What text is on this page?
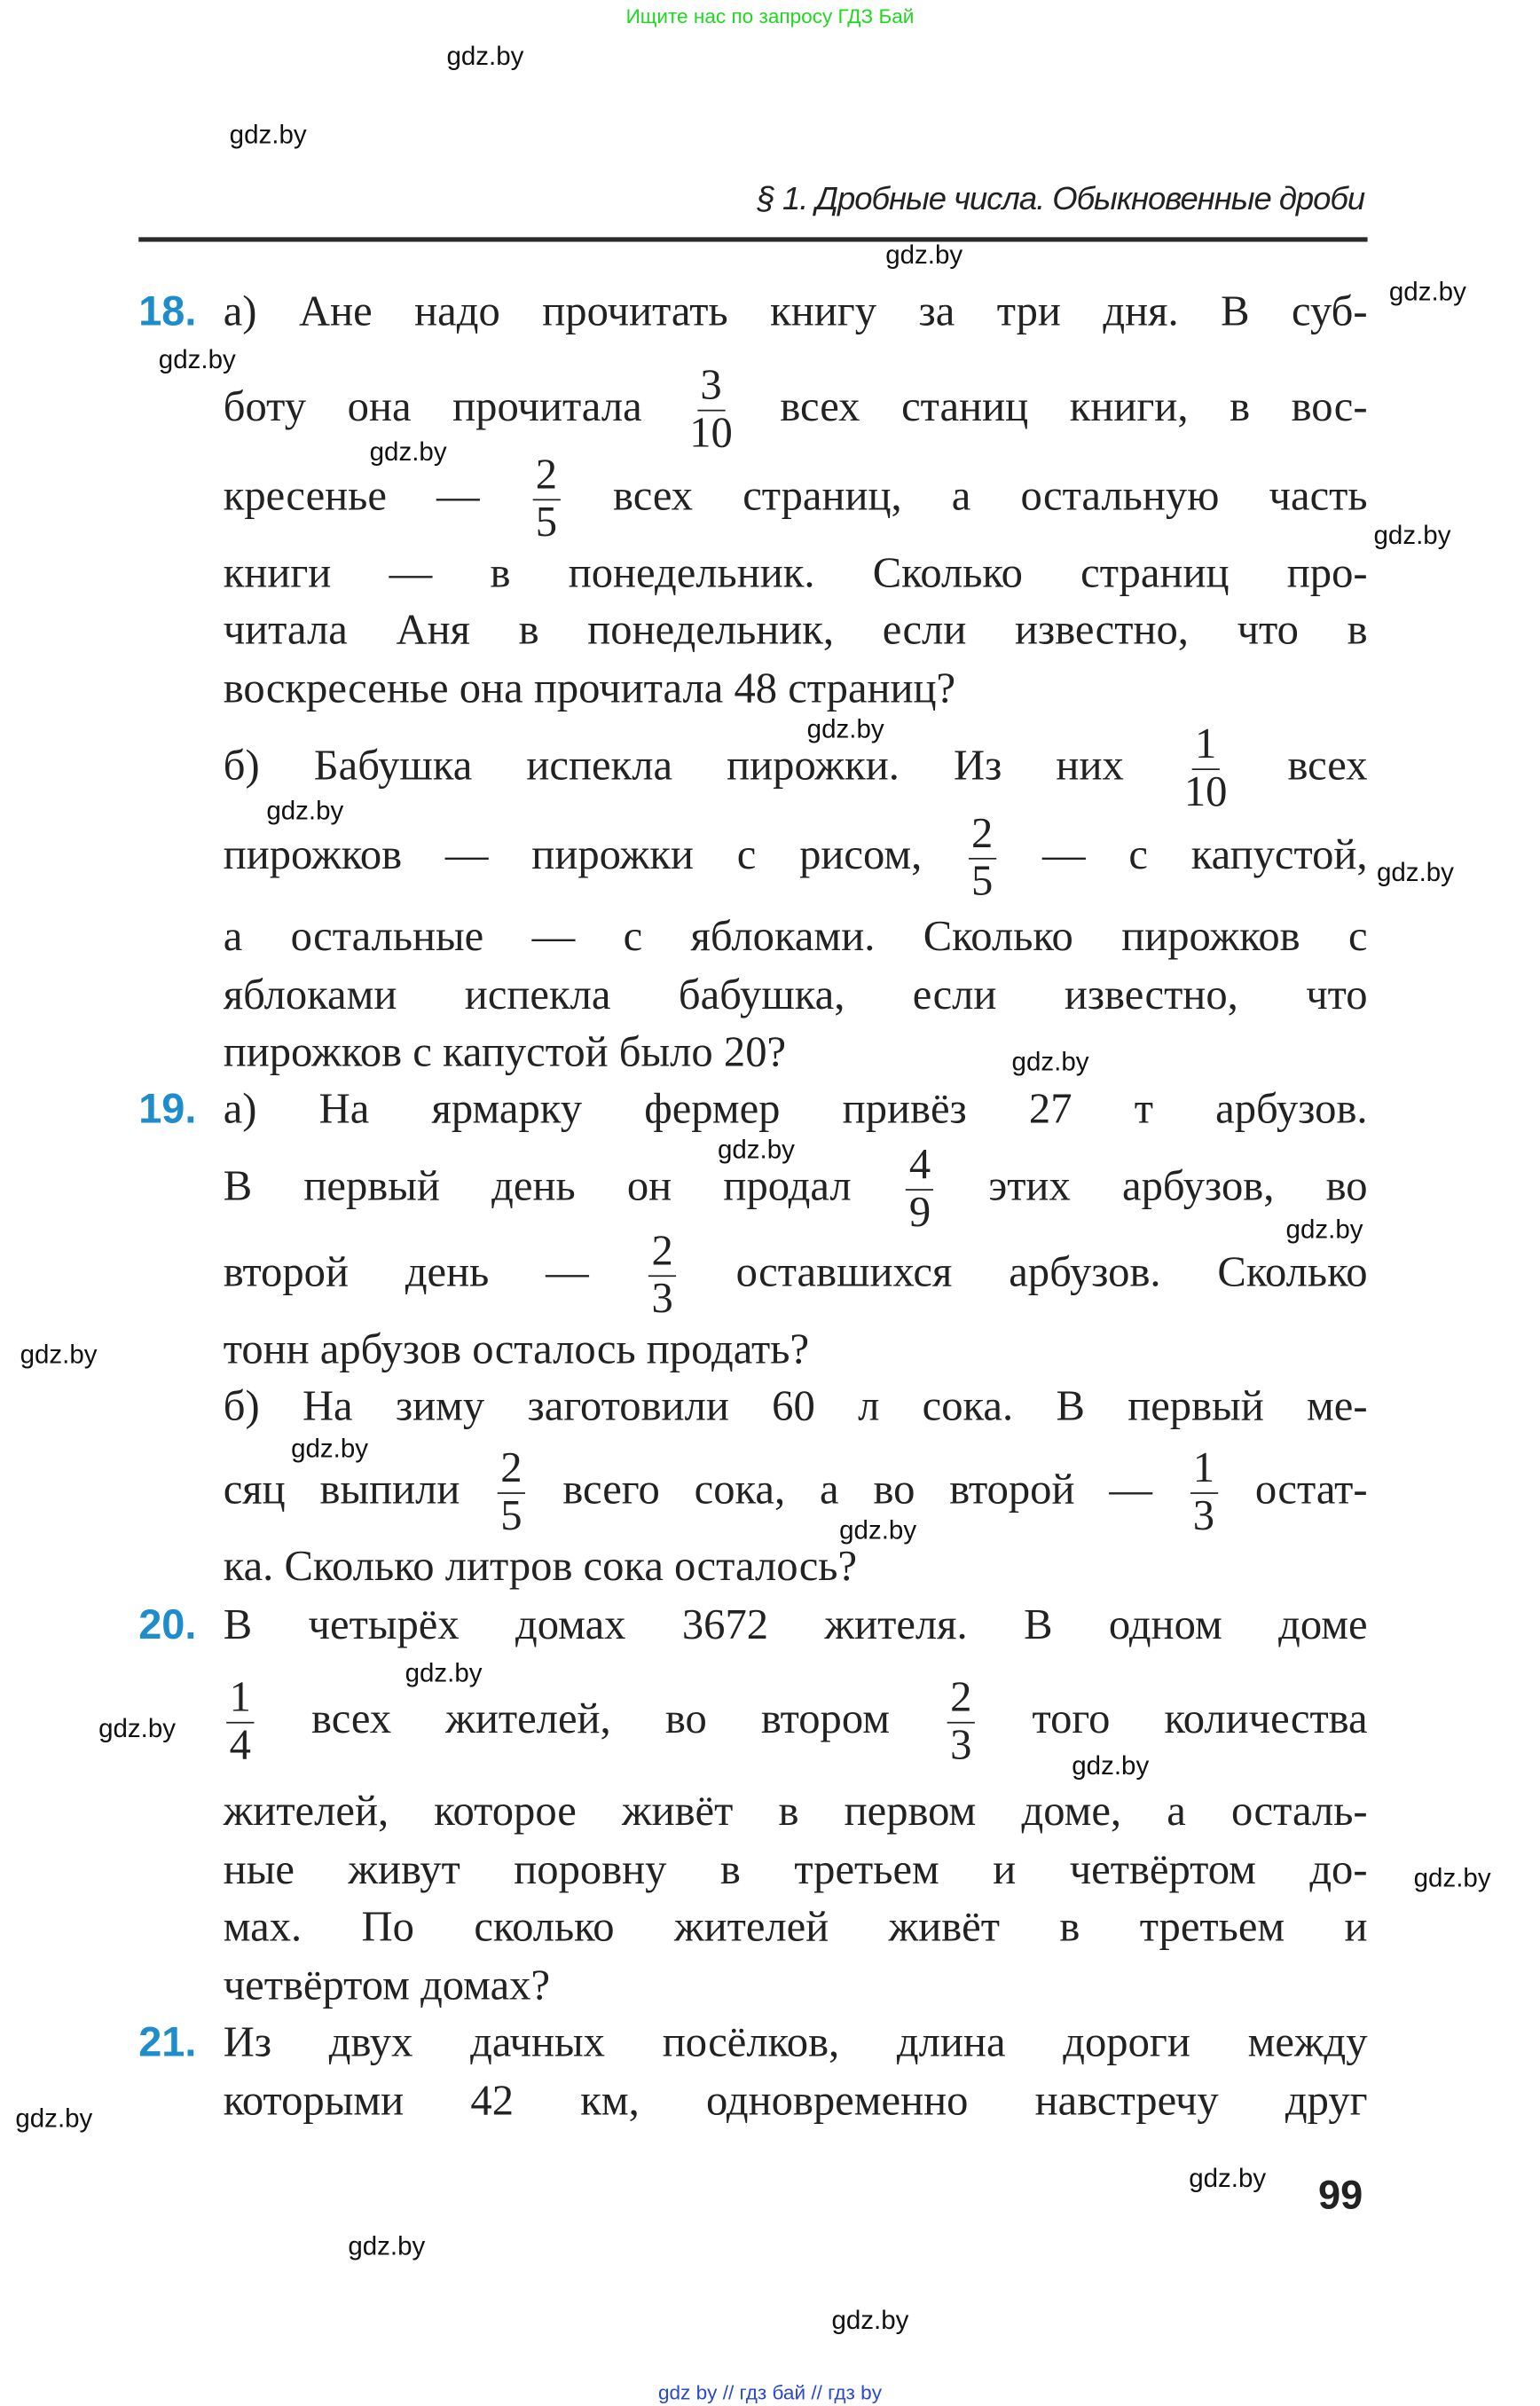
Ищите нас по запросу ГДЗ Бай
§ 1. Дробные числа. Обыкновенные дроби
gdz.by
gdz.by
gdz.by
gdz.by
gdz.by
gdz.by
gdz.by
gdz.by
gdz.by
gdz.by
gdz.by
gdz.by
gdz.by
gdz.by
gdz.by
gdz.by
gdz.by
gdz.by
gdz.by
gdz.by
gdz.by
gdz.by
gdz.by
gdz.by
18.
19.
20.
21.
а) Ане надо прочитать книгу за три дня. В суб-
боту она прочитала $\frac{3}{10}$ всех станиц книги, в вос-
кресенье — $\frac{2}{5}$ всех страниц, а остальную часть
книги — в понедельник. Сколько страниц про-
читала Аня в понедельник, если известно, что в
воскресенье она прочитала 48 страниц?
б) Бабушка испекла пирожки. Из них $\frac{1}{10}$ всех
пирожков — пирожки с рисом, $\frac{2}{5}$ — с капустой,
а остальные — с яблоками. Сколько пирожков с
яблоками испекла бабушка, если известно, что
пирожков с капустой было 20?
а) На ярмарку фермер привёз 27 т арбузов.
В первый день он продал $\frac{4}{9}$ этих арбузов, во
второй день — $\frac{2}{3}$ оставшихся арбузов. Сколько
тонн арбузов осталось продать?
б) На зиму заготовили 60 л сока. В первый ме-
сяц выпили $\frac{2}{5}$ всего сока, а во второй — $\frac{1}{3}$ остат-
ка. Сколько литров сока осталось?
В четырёх домах 3672 жителя. В одном доме
$\frac{1}{4}$ всех жителей, во втором $\frac{2}{3}$ того количества
жителей, которое живёт в первом доме, а осталь-
ные живут поровну в третьем и четвёртом до-
мах. По сколько жителей живёт в третьем и
четвёртом домах?
Из двух дачных посёлков, длина дороги между
которыми 42 км, одновременно навстречу друг
99
gdz by // гдз бай // гдз by
